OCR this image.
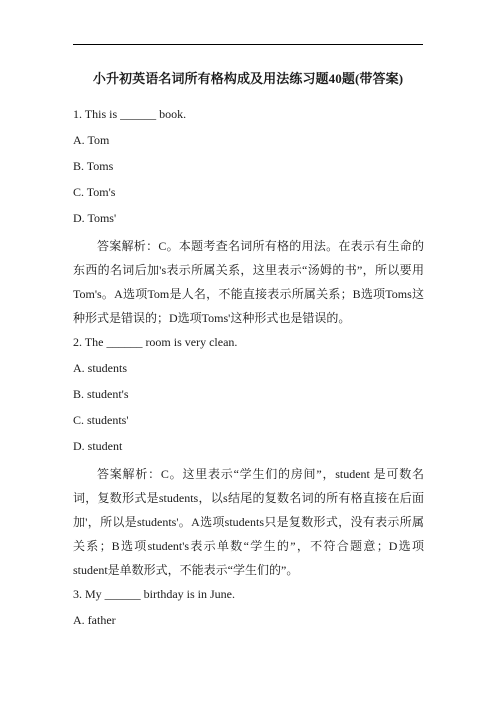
小升初英语名词所有格构成及用法练习题40题(带答案)
1. This is ______ book.
A. Tom
B. Toms
C. Tom's
D. Toms'

答案解析：C。本题考查名词所有格的用法。在表示有生命的东西的名词后加's表示所属关系，这里表示“汤姆的书”，所以要用Tom's。A选项Tom是人名，不能直接表示所属关系；B选项Toms这种形式是错误的；D选项Toms'这种形式也是错误的。

2. The ______ room is very clean.
A. students
B. student's
C. students'
D. student

答案解析：C。这里表示“学生们的房间”，student 是可数名词，复数形式是students，以s结尾的复数名词的所有格直接在后面加'，所以是students'。A选项students只是复数形式，没有表示所属关系；B选项student's表示单数“学生的”，不符合题意；D选项student是单数形式，不能表示“学生们的”。

3. My ______ birthday is in June.
A. father
